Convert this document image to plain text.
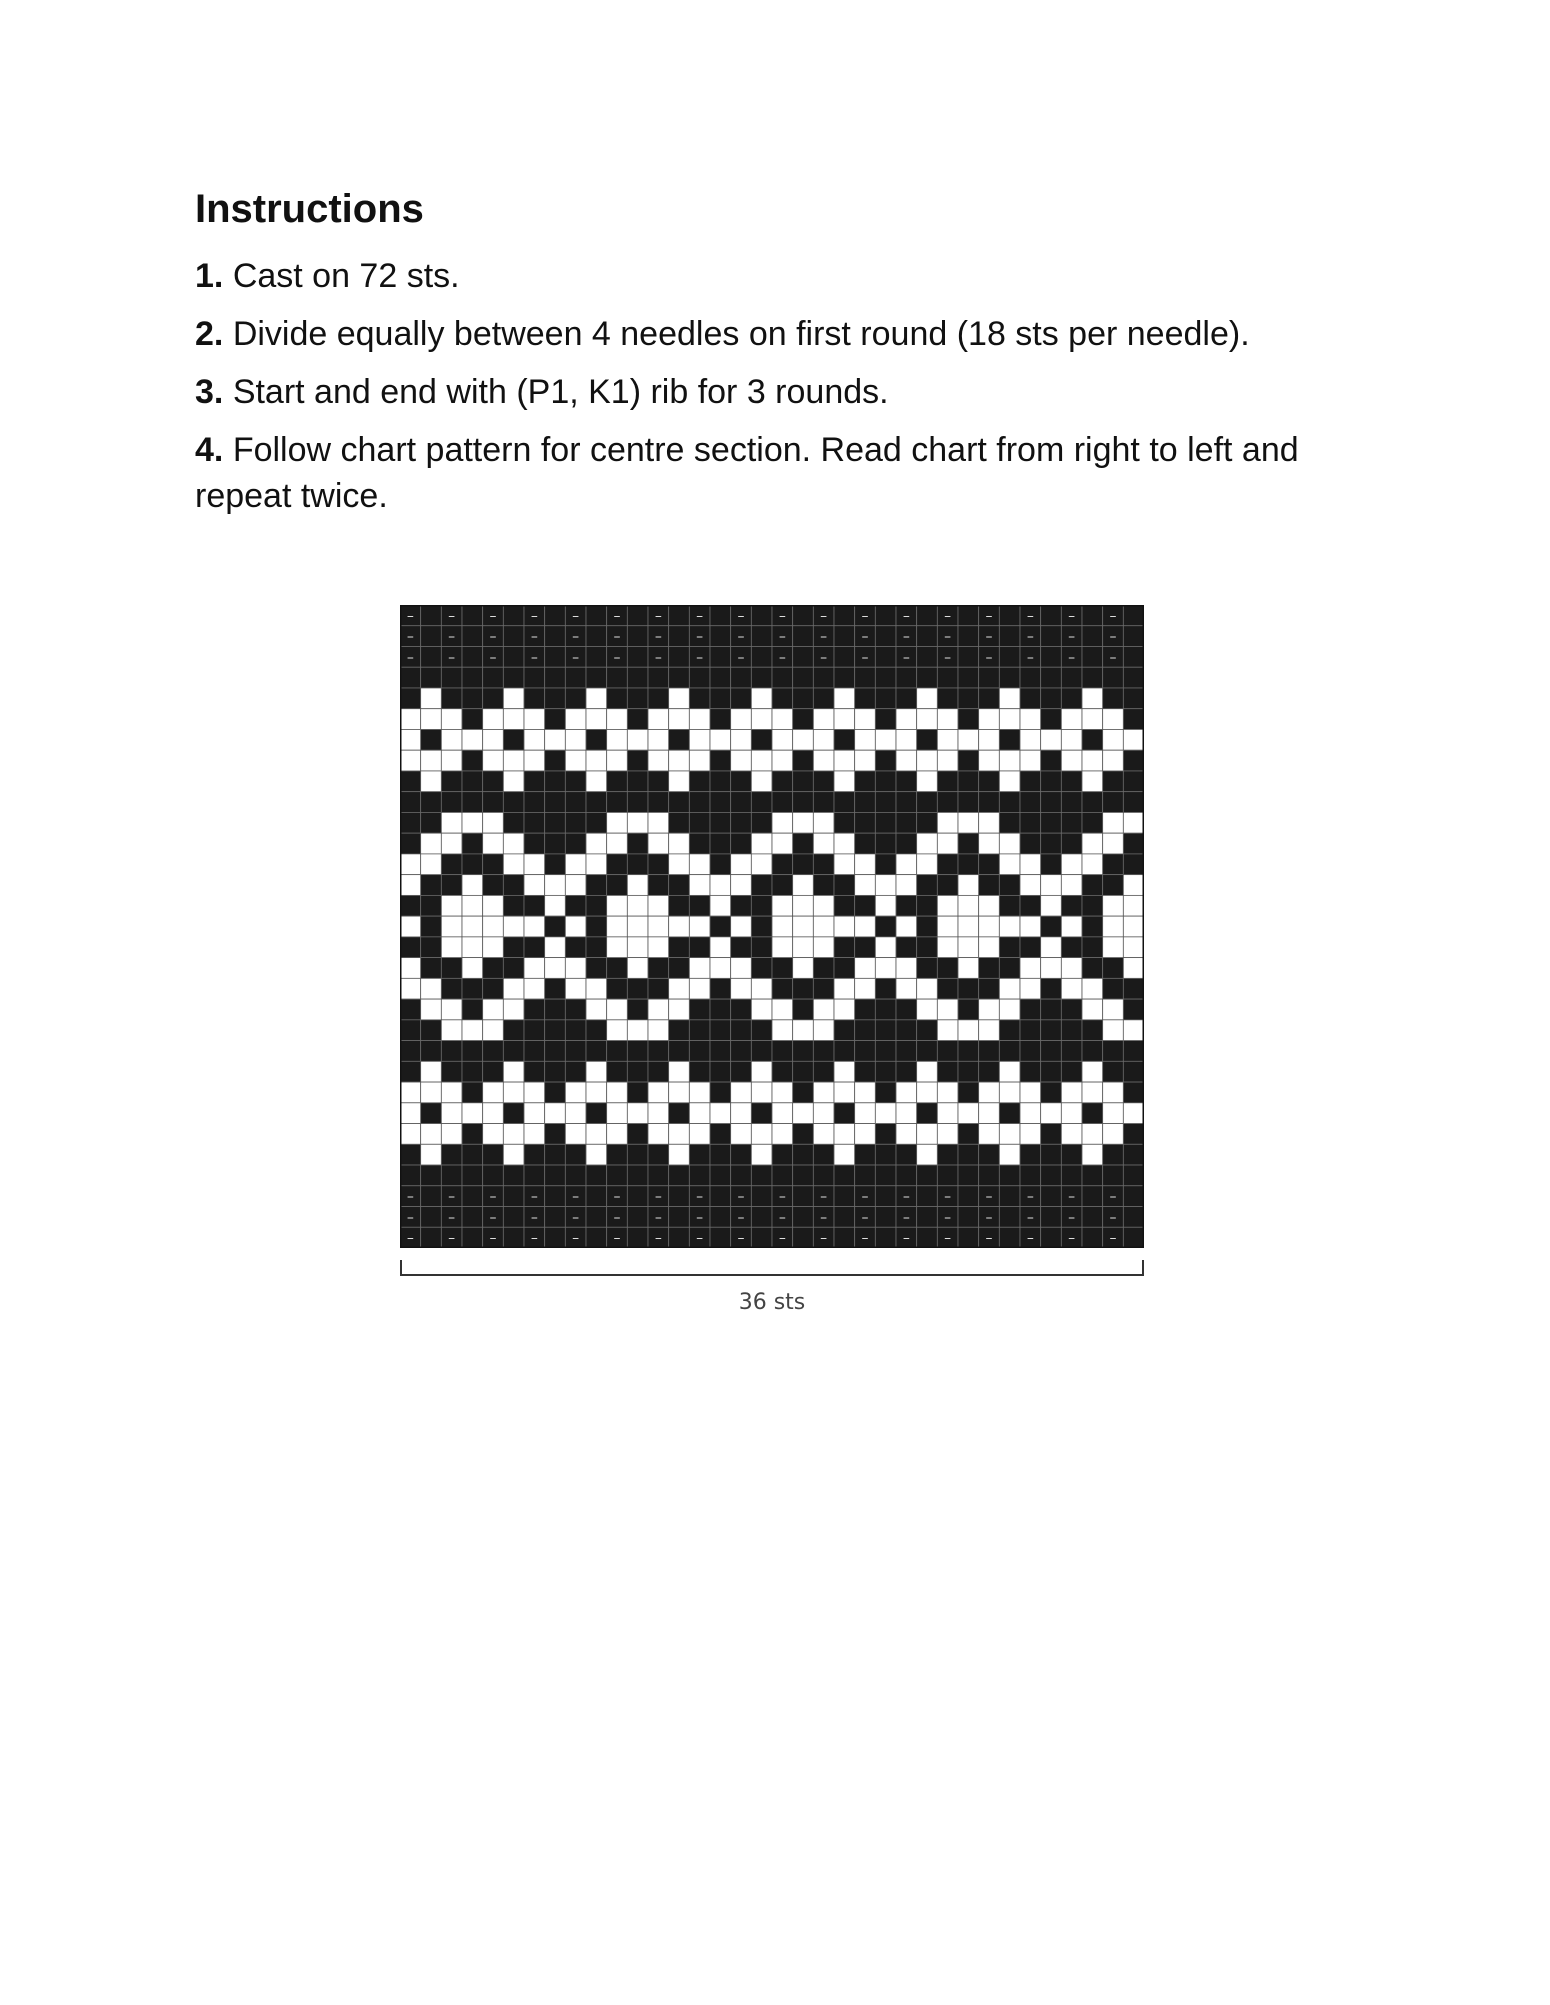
Instructions

1. Cast on 72 sts.

2. Divide equally between 4 needles on first round (18 sts per needle).

3. Start and end with (P1, K1) rib for 3 rounds.

4. Follow chart pattern for centre section. Read chart from right to left and repeat twice.

– – – – – – – – – – – – – – – – – –
– – – – – – – – – – – – – – – – – –
– – – – – – – – – – – – – – – – – –
– – – – – – – – – – – – – – – – – –
– – – – – – – – – – – – – – – – – –
– – – – – – – – – – – – – – – – – –
36 sts
